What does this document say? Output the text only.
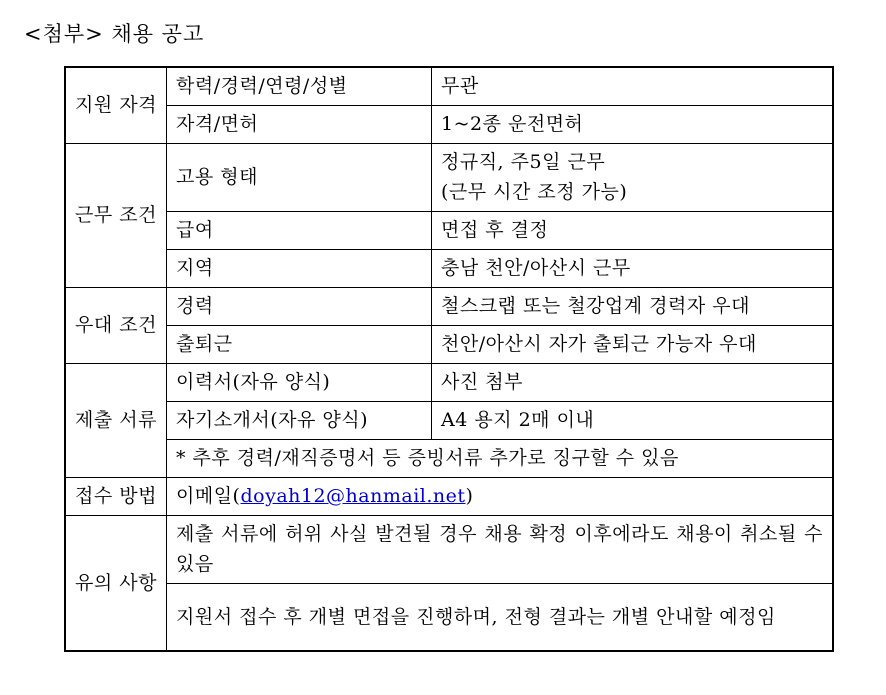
<첨부> 채용 공고
지원 자격	학력/경력/연령/성별	무관
	자격/면허	1~2종 운전면허
근무 조건	고용 형태	정규직, 주5일 근무
(근무 시간 조정 가능)

	급여	면접 후 결정
	지역	충남 천안/아산시 근무
우대 조건	경력	철스크랩 또는 철강업계 경력자 우대
	출퇴근	천안/아산시 자가 출퇴근 가능자 우대
제출 서류	이력서(자유 양식)	사진 첨부
	자기소개서(자유 양식)	A4 용지 2매 이내
	* 추후 경력/재직증명서 등 증빙서류 추가로 징구할 수 있음	
접수 방법	이메일(doyah12@hanmail.net)	
유의 사항	제출 서류에 허위 사실 발견될 경우 채용 확정 이후에라도 채용이 취소될 수 있음	
	지원서 접수 후 개별 면접을 진행하며, 전형 결과는 개별 안내할 예정임	
